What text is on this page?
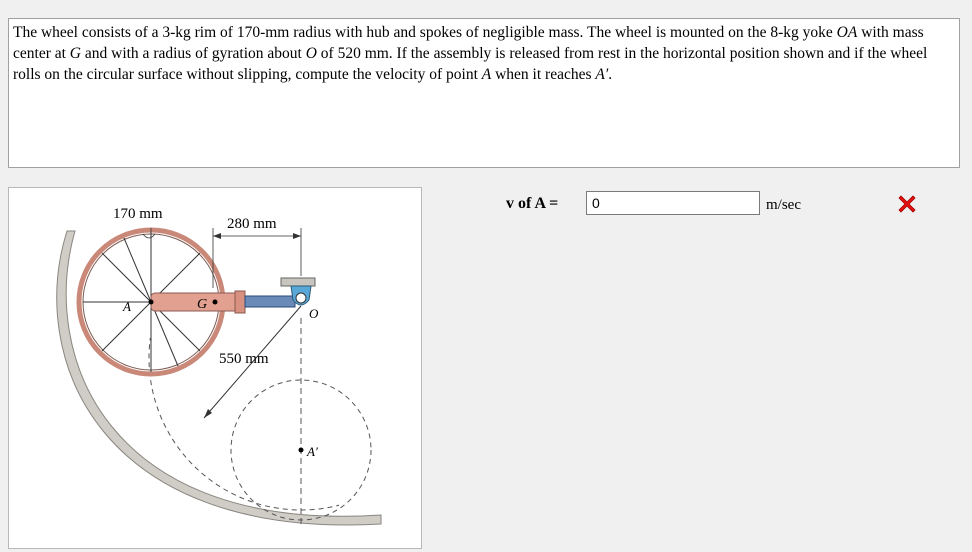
The wheel consists of a 3-kg rim of 170-mm radius with hub and spokes of negligible mass. The wheel is mounted on the 8-kg yoke OA with mass center at G and with a radius of gyration about O of 520 mm. If the assembly is released from rest in the horizontal position shown and if the wheel rolls on the circular surface without slipping, compute the velocity of point A when it reaches A′.
170 mm
280 mm
550 mm
A	G
O
A′
v of A =
0	m/sec
